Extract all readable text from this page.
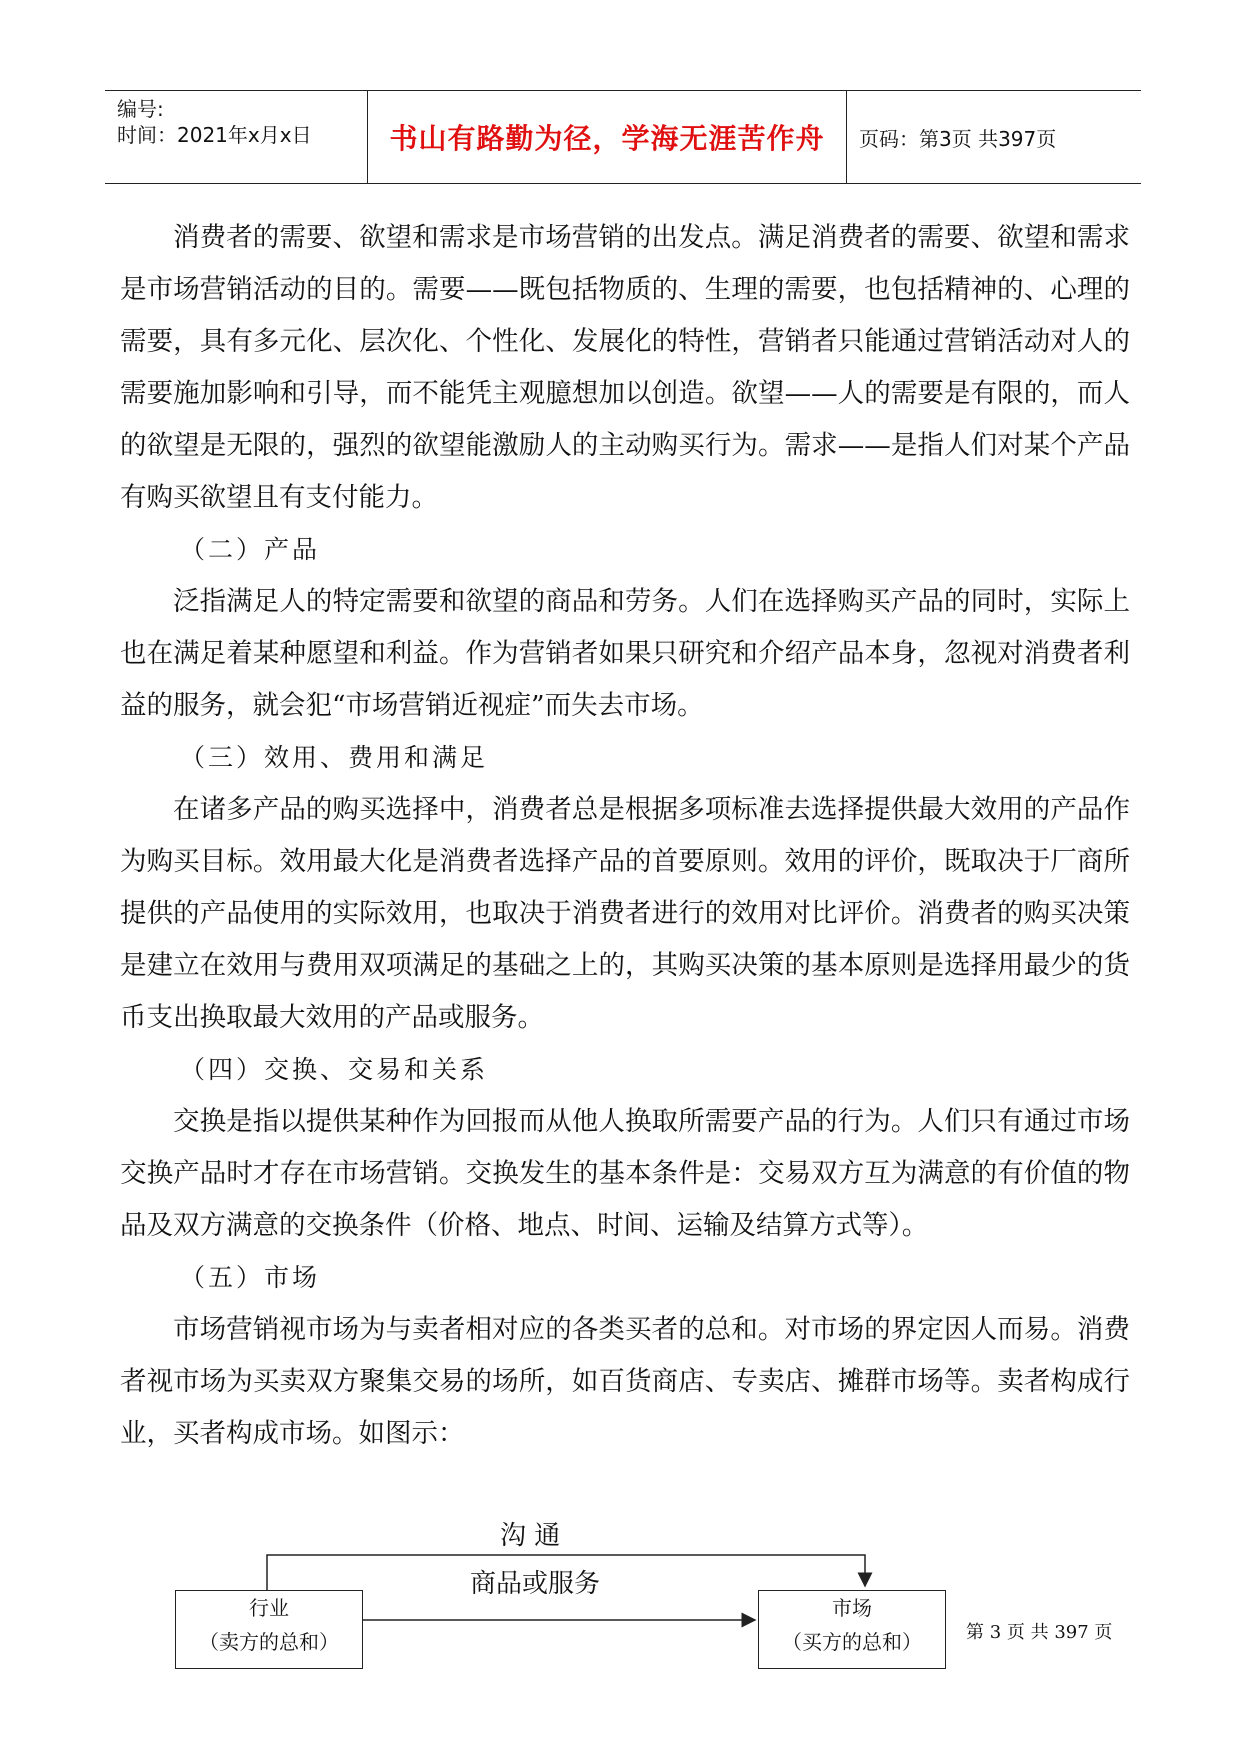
编号:
时间：2021年x月x日	书山有路勤为径，学海无涯苦作舟 页码：第3页 共397页

消费者的需要、欲望和需求是市场营销的出发点。满足消费者的需要、欲望和需求是市场营销活动的目的。需要——既包括物质的、生理的需要，也包括精神的、心理的需要，具有多元化、层次化、个性化、发展化的特性，营销者只能通过营销活动对人的需要施加影响和引导，而不能凭主观臆想加以创造。欲望——人的需要是有限的，而人的欲望是无限的，强烈的欲望能激励人的主动购买行为。需求——是指人们对某个产品有购买欲望且有支付能力。

（二）产品

泛指满足人的特定需要和欲望的商品和劳务。人们在选择购买产品的同时，实际上也在满足着某种愿望和利益。作为营销者如果只研究和介绍产品本身，忽视对消费者利益的服务，就会犯“市场营销近视症”而失去市场。

（三）效用、费用和满足

在诸多产品的购买选择中，消费者总是根据多项标准去选择提供最大效用的产品作为购买目标。效用最大化是消费者选择产品的首要原则。效用的评价，既取决于厂商所提供的产品使用的实际效用，也取决于消费者进行的效用对比评价。消费者的购买决策是建立在效用与费用双项满足的基础之上的，其购买决策的基本原则是选择用最少的货币支出换取最大效用的产品或服务。

（四）交换、交易和关系

交换是指以提供某种作为回报而从他人换取所需要产品的行为。人们只有通过市场交换产品时才存在市场营销。交换发生的基本条件是：交易双方互为满意的有价值的物品及双方满意的交换条件（价格、地点、时间、运输及结算方式等）。

（五）市场

市场营销视市场为与卖者相对应的各类买者的总和。对市场的界定因人而易。消费者视市场为买卖双方聚集交易的场所，如百货商店、专卖店、摊群市场等。卖者构成行业，买者构成市场。如图示：

沟 通
商品或服务
行业
（卖方的总和）
市场
（买方的总和）	第 3 页 共 397 页
